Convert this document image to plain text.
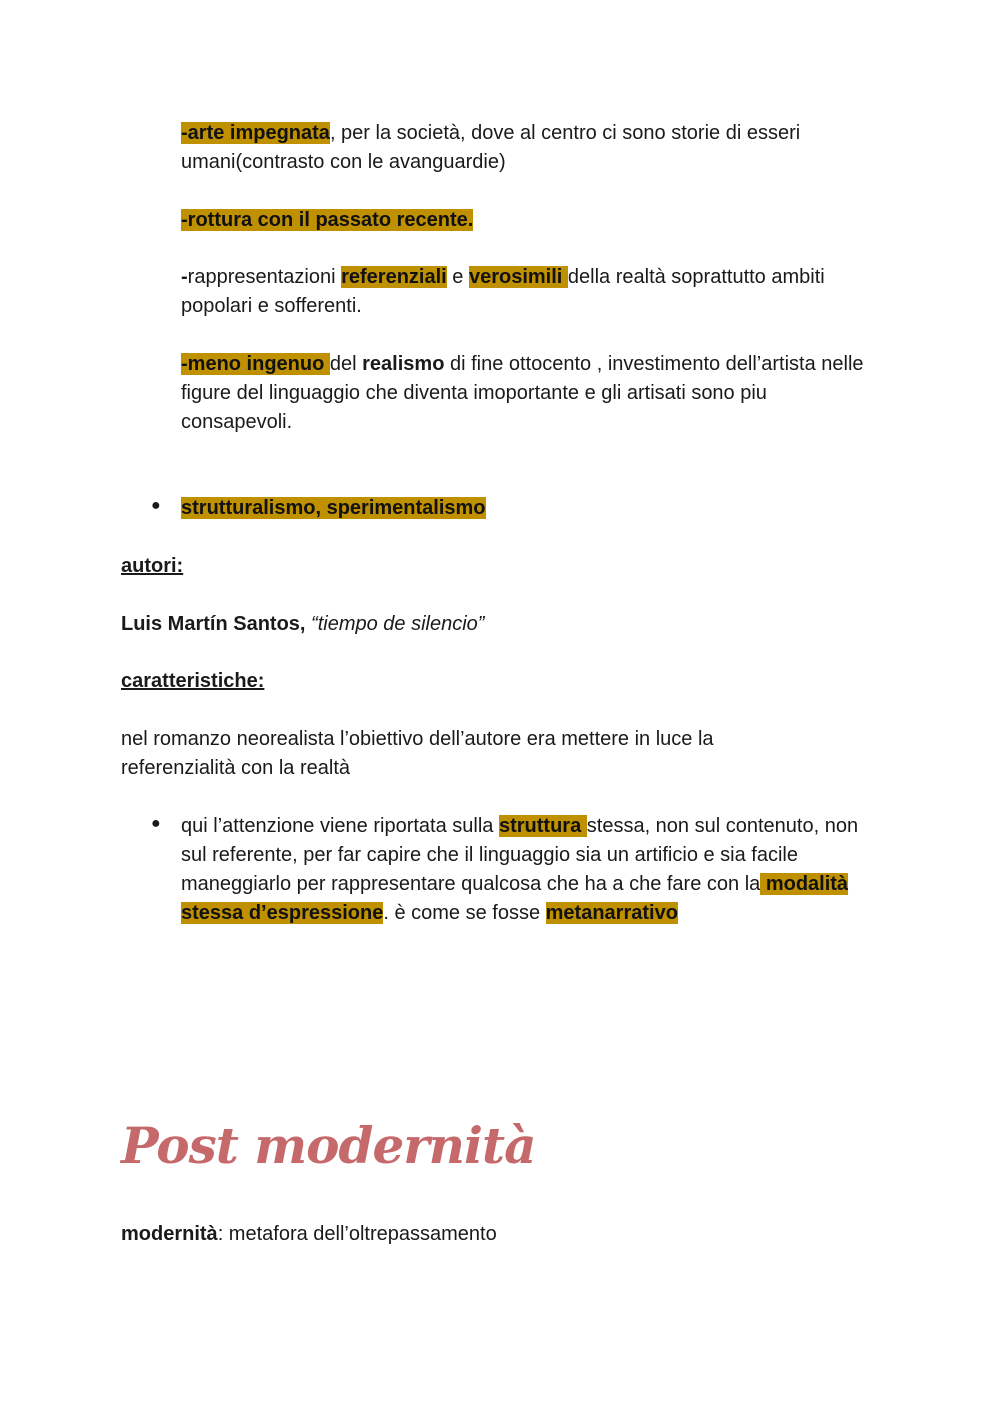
-arte impegnata, per la società, dove al centro ci sono storie di esseri umani(contrasto con le avanguardie)

-rottura con il passato recente.

-rappresentazioni referenziali e verosimili della realtà soprattutto ambiti popolari e sofferenti.

-meno ingenuo del realismo di fine ottocento , investimento dell’artista nelle figure del linguaggio che diventa imoportante e gli artisati sono piu consapevoli.

● strutturalismo, sperimentalismo

autori:

Luis Martín Santos, “tiempo de silencio”

caratteristiche:

nel romanzo neorealista l’obiettivo dell’autore era mettere in luce la referenzialità con la realtà

● qui l’attenzione viene riportata sulla struttura stessa, non sul contenuto, non sul referente, per far capire che il linguaggio sia un artificio e sia facile maneggiarlo per rappresentare qualcosa che ha a che fare con la modalità stessa d’espressione. è come se fosse metanarrativo

Post modernità

modernità: metafora dell’oltrepassamento
